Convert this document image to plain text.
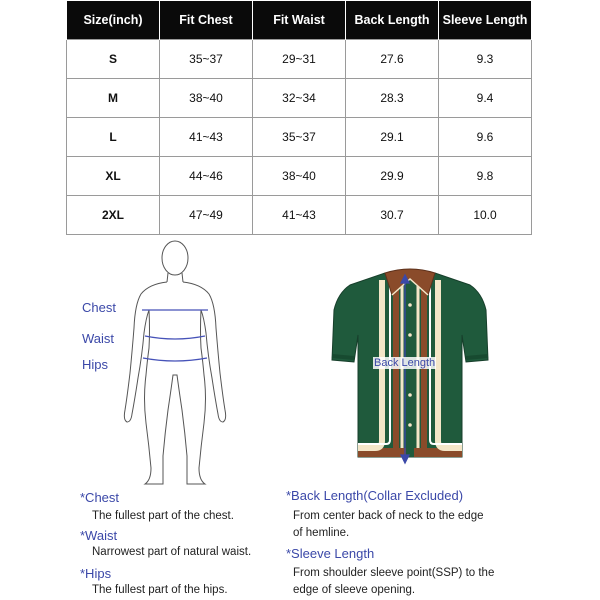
Size(inch)	Fit Chest	Fit Waist	Back Length	Sleeve Length
S	35~37	29~31	27.6	9.3
M	38~40	32~34	28.3	9.4
L	41~43	35~37	29.1	9.6
XL	44~46	38~40	29.9	9.8
2XL	47~49	41~43	30.7	10.0
Chest
Waist
Hips	Back Length
*Chest
The fullest part of the chest.
*Waist
Narrowest part of natural waist.
*Hips
The fullest part of the hips.
*Back Length(Collar Excluded)
From center back of neck to the edge
of hemline.
*Sleeve Length
From shoulder sleeve point(SSP) to the
edge of sleeve opening.
